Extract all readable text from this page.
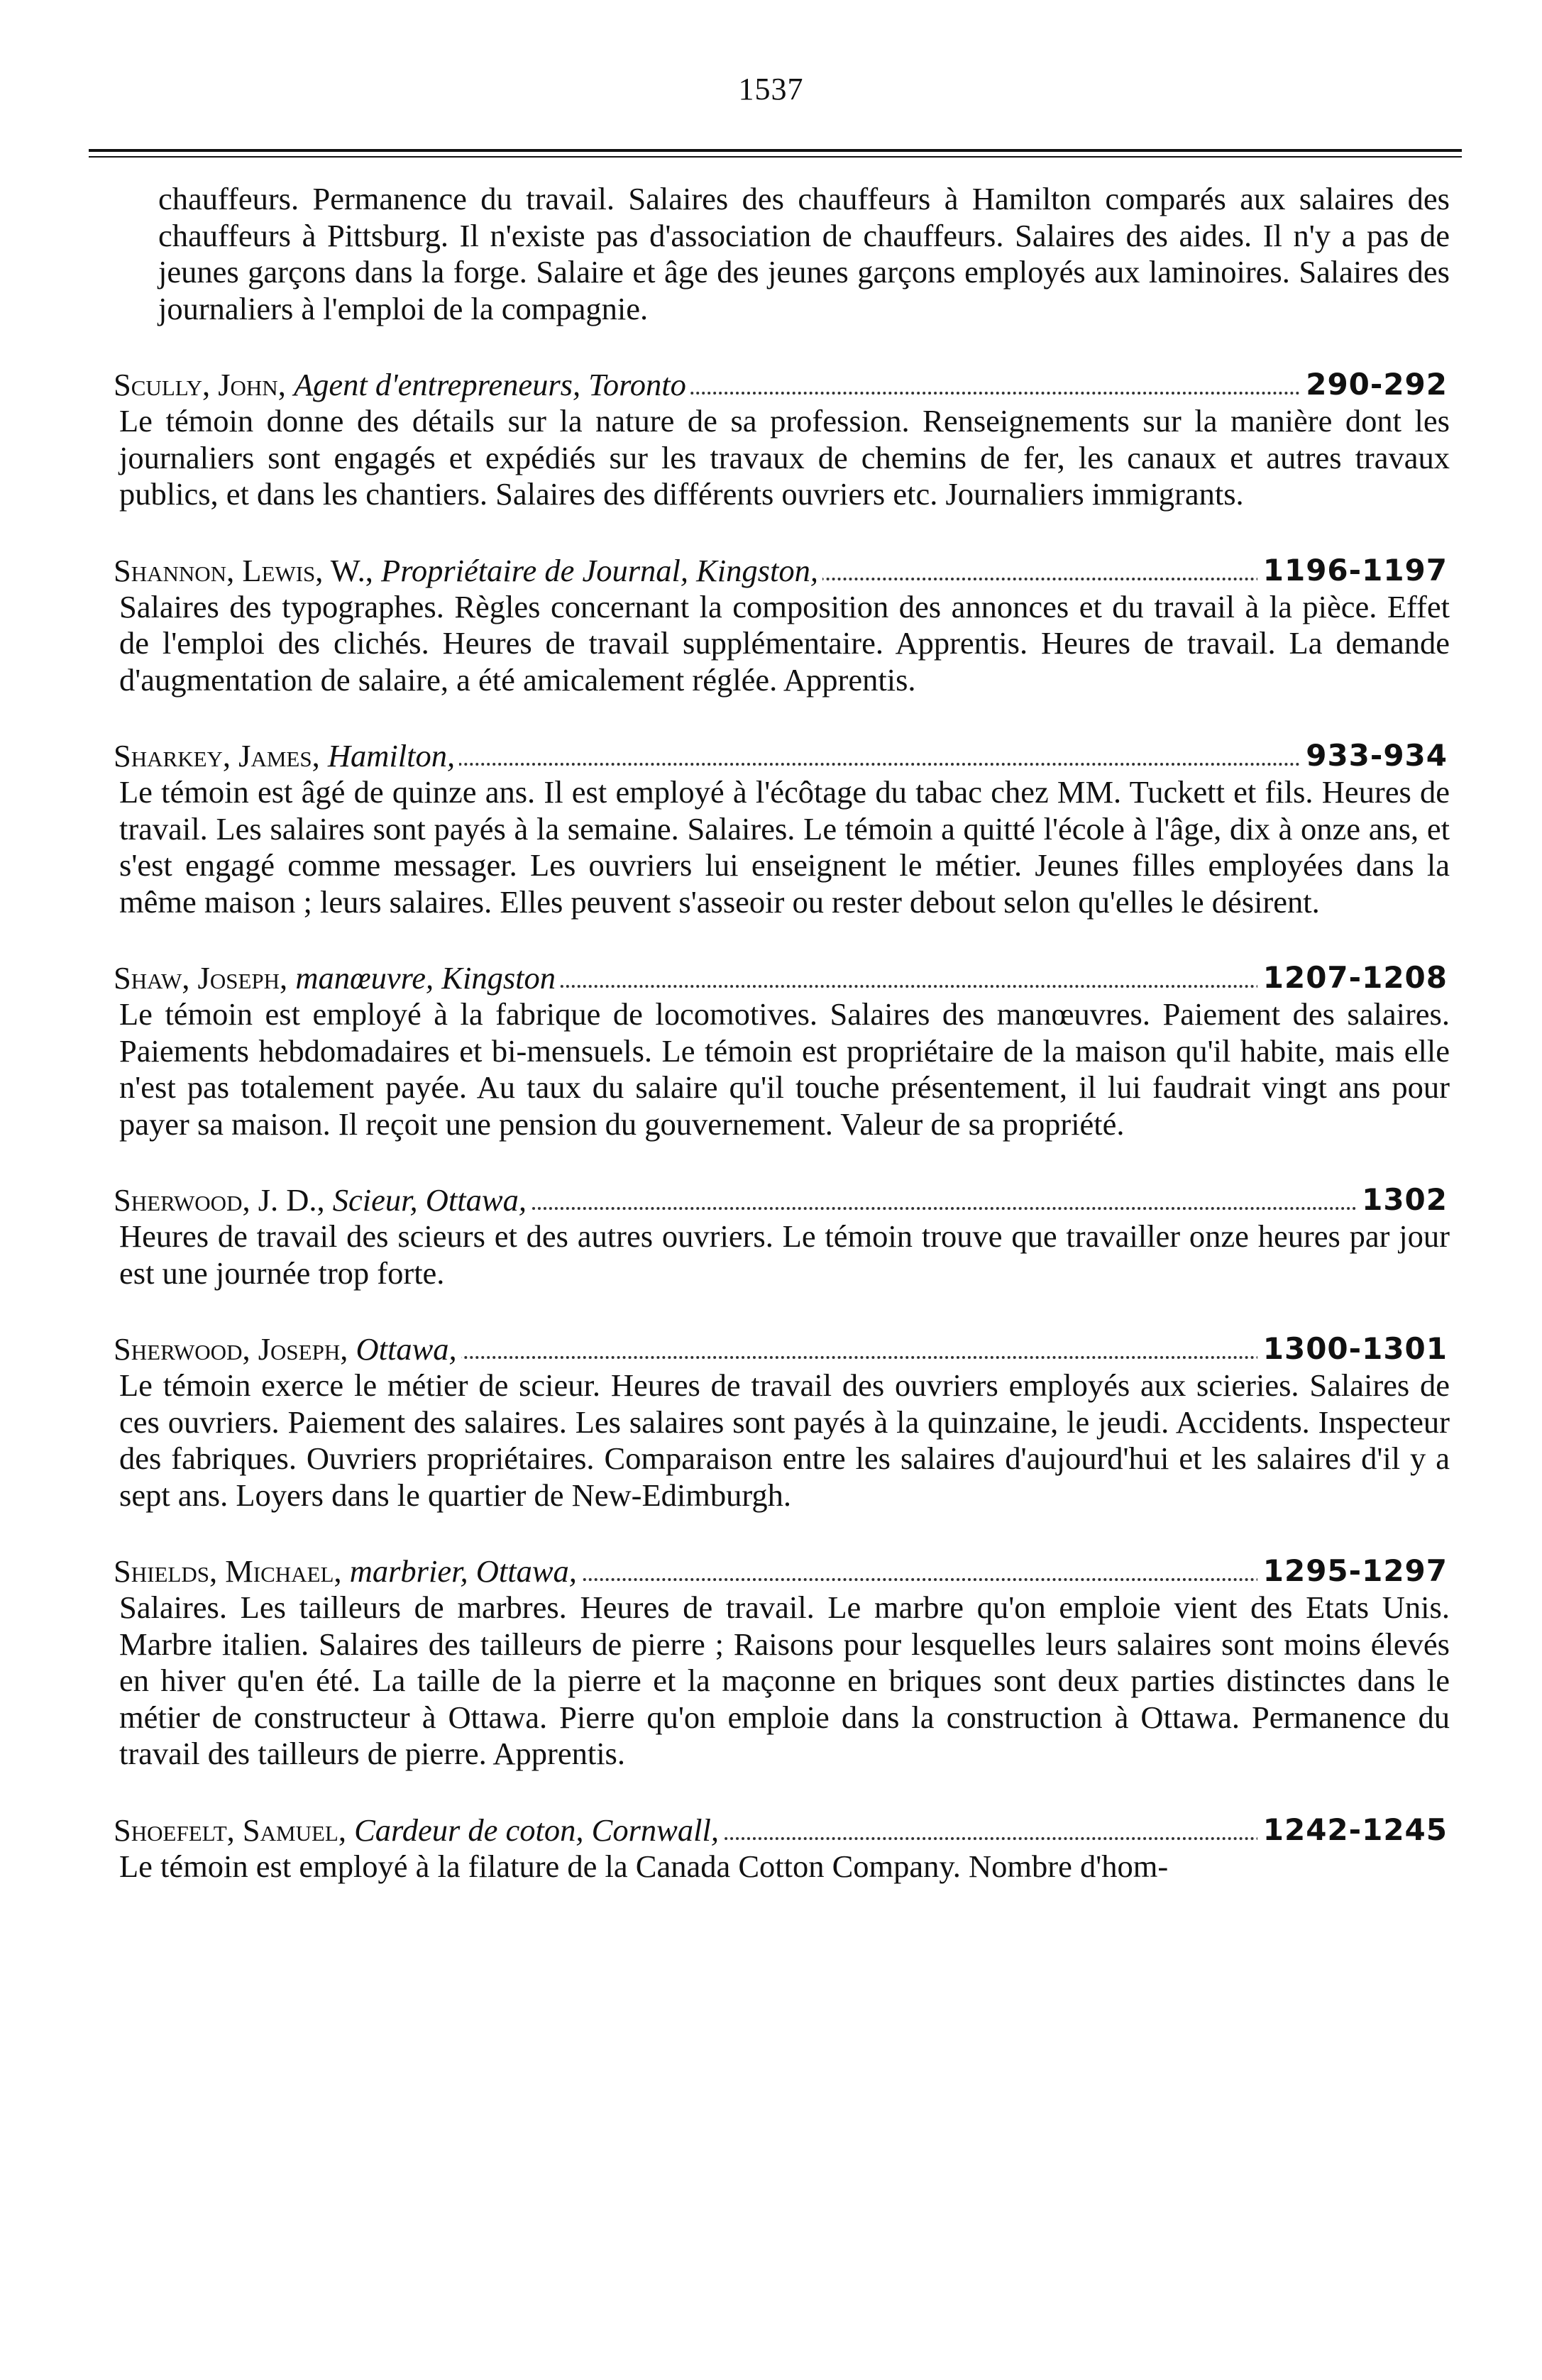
1537

chauffeurs. Permanence du travail. Salaires des chauffeurs à Hamilton comparés aux salaires des chauffeurs à Pittsburg. Il n'existe pas d'association de chauffeurs. Salaires des aides. Il n'y a pas de jeunes garçons dans la forge. Salaire et âge des jeunes garçons employés aux laminoires. Salaires des journaliers à l'emploi de la compagnie.

Scully, John, Agent d'entrepreneurs, Toronto	290-292

Le témoin donne des détails sur la nature de sa profession. Renseignements sur la manière dont les journaliers sont engagés et expédiés sur les travaux de chemins de fer, les canaux et autres travaux publics, et dans les chantiers. Salaires des différents ouvriers etc. Journaliers immigrants.

Shannon, Lewis, W., Propriétaire de Journal, Kingston,	1196-1197

Salaires des typographes. Règles concernant la composition des annonces et du travail à la pièce. Effet de l'emploi des clichés. Heures de travail supplémentaire. Apprentis. Heures de travail. La demande d'augmentation de salaire, a été amicalement réglée. Apprentis.

Sharkey, James, Hamilton,	933-934

Le témoin est âgé de quinze ans. Il est employé à l'écôtage du tabac chez MM. Tuckett et fils. Heures de travail. Les salaires sont payés à la semaine. Salaires. Le témoin a quitté l'école à l'âge, dix à onze ans, et s'est engagé comme messager. Les ouvriers lui enseignent le métier. Jeunes filles employées dans la même maison ; leurs salaires. Elles peuvent s'asseoir ou rester debout selon qu'elles le désirent.

Shaw, Joseph, manœuvre, Kingston	1207-1208

Le témoin est employé à la fabrique de locomotives. Salaires des manœuvres. Paiement des salaires. Paiements hebdomadaires et bi-mensuels. Le témoin est propriétaire de la maison qu'il habite, mais elle n'est pas totalement payée. Au taux du salaire qu'il touche présentement, il lui faudrait vingt ans pour payer sa maison. Il reçoit une pension du gouvernement. Valeur de sa propriété.

Sherwood, J. D., Scieur, Ottawa,	1302

Heures de travail des scieurs et des autres ouvriers. Le témoin trouve que travailler onze heures par jour est une journée trop forte.

Sherwood, Joseph, Ottawa,	1300-1301

Le témoin exerce le métier de scieur. Heures de travail des ouvriers employés aux scieries. Salaires de ces ouvriers. Paiement des salaires. Les salaires sont payés à la quinzaine, le jeudi. Accidents. Inspecteur des fabriques. Ouvriers propriétaires. Comparaison entre les salaires d'aujourd'hui et les salaires d'il y a sept ans. Loyers dans le quartier de New-Edimburgh.

Shields, Michael, marbrier, Ottawa,	1295-1297

Salaires. Les tailleurs de marbres. Heures de travail. Le marbre qu'on emploie vient des Etats Unis. Marbre italien. Salaires des tailleurs de pierre ; Raisons pour lesquelles leurs salaires sont moins élevés en hiver qu'en été. La taille de la pierre et la maçonne en briques sont deux parties distinctes dans le métier de constructeur à Ottawa. Pierre qu'on emploie dans la construction à Ottawa. Permanence du travail des tailleurs de pierre. Apprentis.

Shoefelt, Samuel, Cardeur de coton, Cornwall,	1242-1245

Le témoin est employé à la filature de la Canada Cotton Company. Nombre d'hom-
